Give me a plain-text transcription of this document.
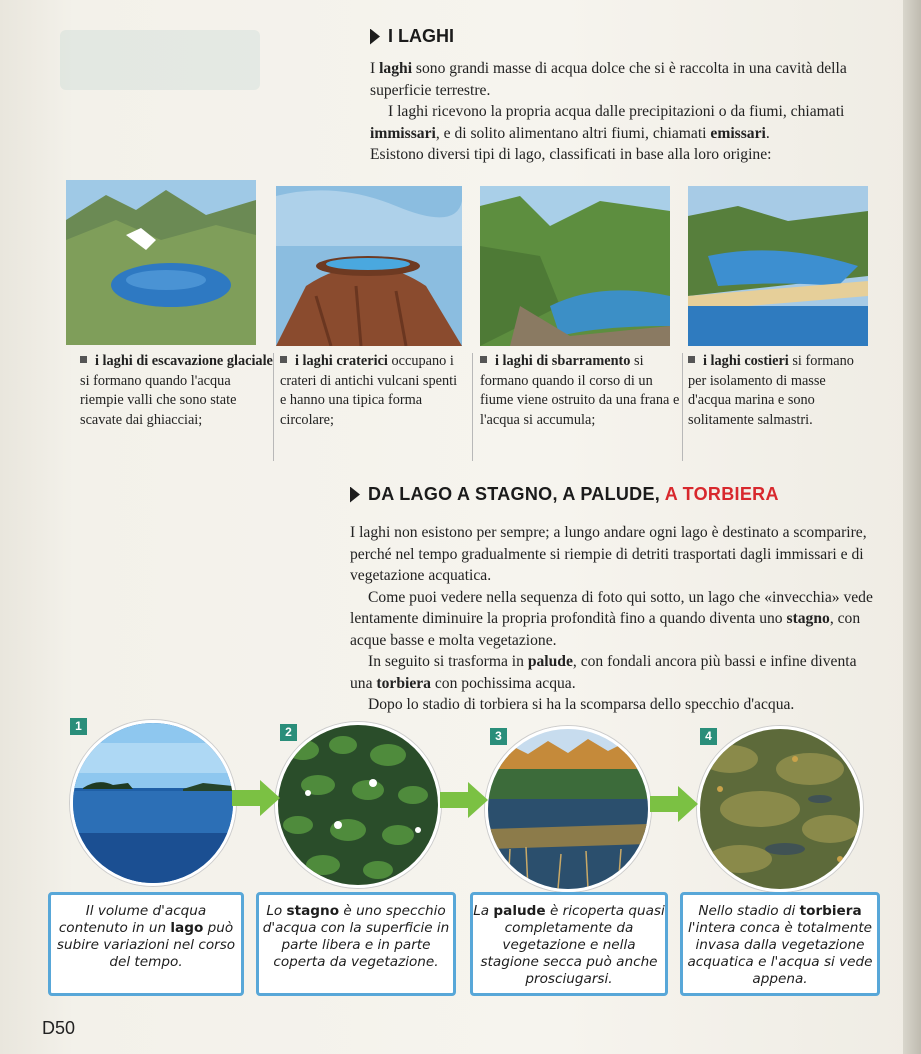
I LAGHI

I laghi sono grandi masse di acqua dolce che si è raccolta in una cavità della superficie terrestre.

I laghi ricevono la propria acqua dalle precipitazioni o da fiumi, chiamati immissari, e di solito alimentano altri fiumi, chiamati emissari.

Esistono diversi tipi di lago, classificati in base alla loro origine:

i laghi di escavazione glaciale si formano quando l'acqua riempie valli che sono state scavate dai ghiacciai;
i laghi craterici occupano i crateri di antichi vulcani spenti e hanno una tipica forma circolare;
i laghi di sbarramento si formano quando il corso di un fiume viene ostruito da una frana e l'acqua si accumula;
i laghi costieri si formano per isolamento di masse d'acqua marina e sono solitamente salmastri.
DA LAGO A STAGNO, A PALUDE, A TORBIERA

I laghi non esistono per sempre; a lungo andare ogni lago è destinato a scomparire, perché nel tempo gradualmente si riempie di detriti trasportati dagli immissari e di vegetazione acquatica.

Come puoi vedere nella sequenza di foto qui sotto, un lago che «invecchia» vede lentamente diminuire la propria profondità fino a quando diventa uno stagno, con acque basse e molta vegetazione.

In seguito si trasforma in palude, con fondali ancora più bassi e infine diventa una torbiera con pochissima acqua.

Dopo lo stadio di torbiera si ha la scomparsa dello specchio d'acqua.

1	2	3	4
Il volume d'acqua contenuto in un lago può subire variazioni nel corso del tempo.
Lo stagno è uno specchio d'acqua con la superficie in parte libera e in parte coperta da vegetazione.
La palude è ricoperta quasi completamente da vegetazione e nella stagione secca può anche prosciugarsi.
Nello stadio di torbiera l'intera conca è totalmente invasa dalla vegetazione acquatica e l'acqua si vede appena.
D50
